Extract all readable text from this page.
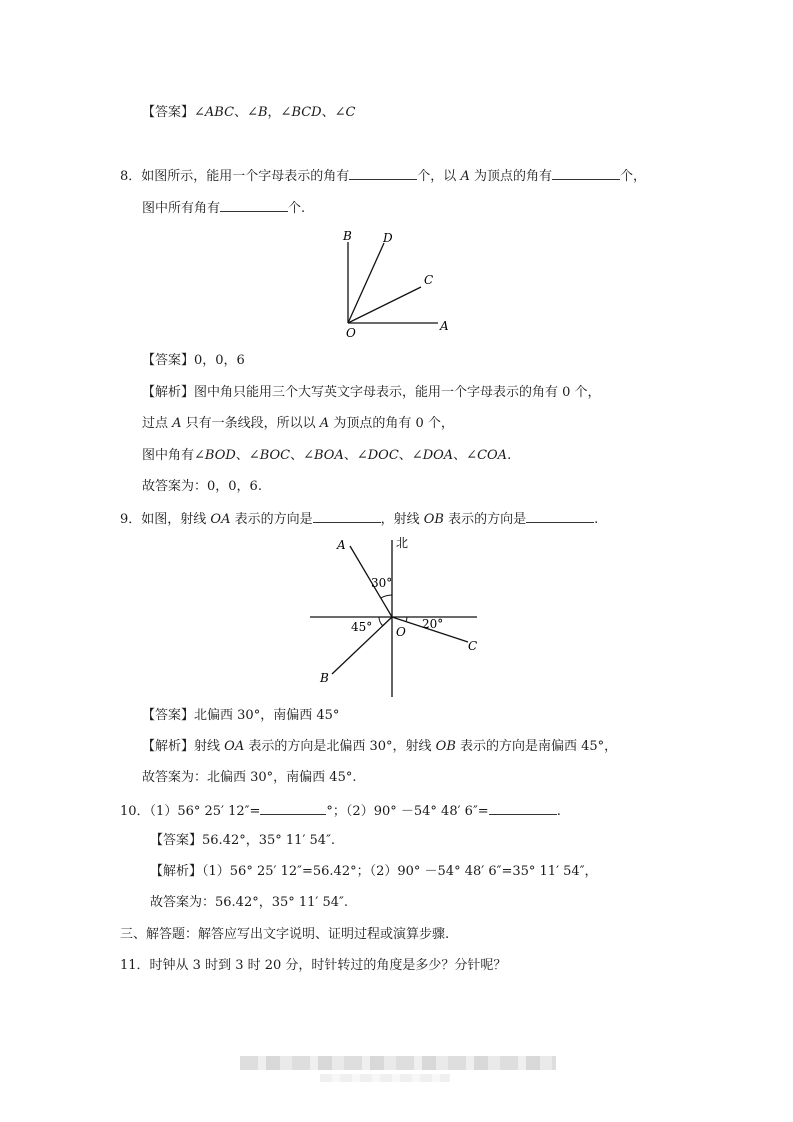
【答案】∠ABC、∠B，∠BCD、∠C
8．如图所示，能用一个字母表示的角有	个，以 A 为顶点的角有	个，
图中所有角有	个.
B	D
C
O	A
【答案】0，0，6
【解析】图中角只能用三个大写英文字母表示，能用一个字母表示的角有 0 个，
过点 A 只有一条线段，所以以 A 为顶点的角有 0 个，
图中角有∠BOD、∠BOC、∠BOA、∠DOC、∠DOA、∠COA.
故答案为：0，0，6.
9．如图，射线 OA 表示的方向是	，射线 OB 表示的方向是	.
北
A
B
C
O
30°
45°	20°
【答案】北偏西 30°，南偏西 45°
【解析】射线 OA 表示的方向是北偏西 30°，射线 OB 表示的方向是南偏西 45°，
故答案为：北偏西 30°，南偏西 45°.
10．（1）56° 25′ 12″=	°；（2）90° －54° 48′ 6″=	.
【答案】56.42°，35° 11′ 54″.
【解析】（1）56° 25′ 12″=56.42°；（2）90° －54° 48′ 6″=35° 11′ 54″，
故答案为：56.42°，35° 11′ 54″.
三、解答题：解答应写出文字说明、证明过程或演算步骤.
11．时钟从 3 时到 3 时 20 分，时针转过的角度是多少？分针呢？
